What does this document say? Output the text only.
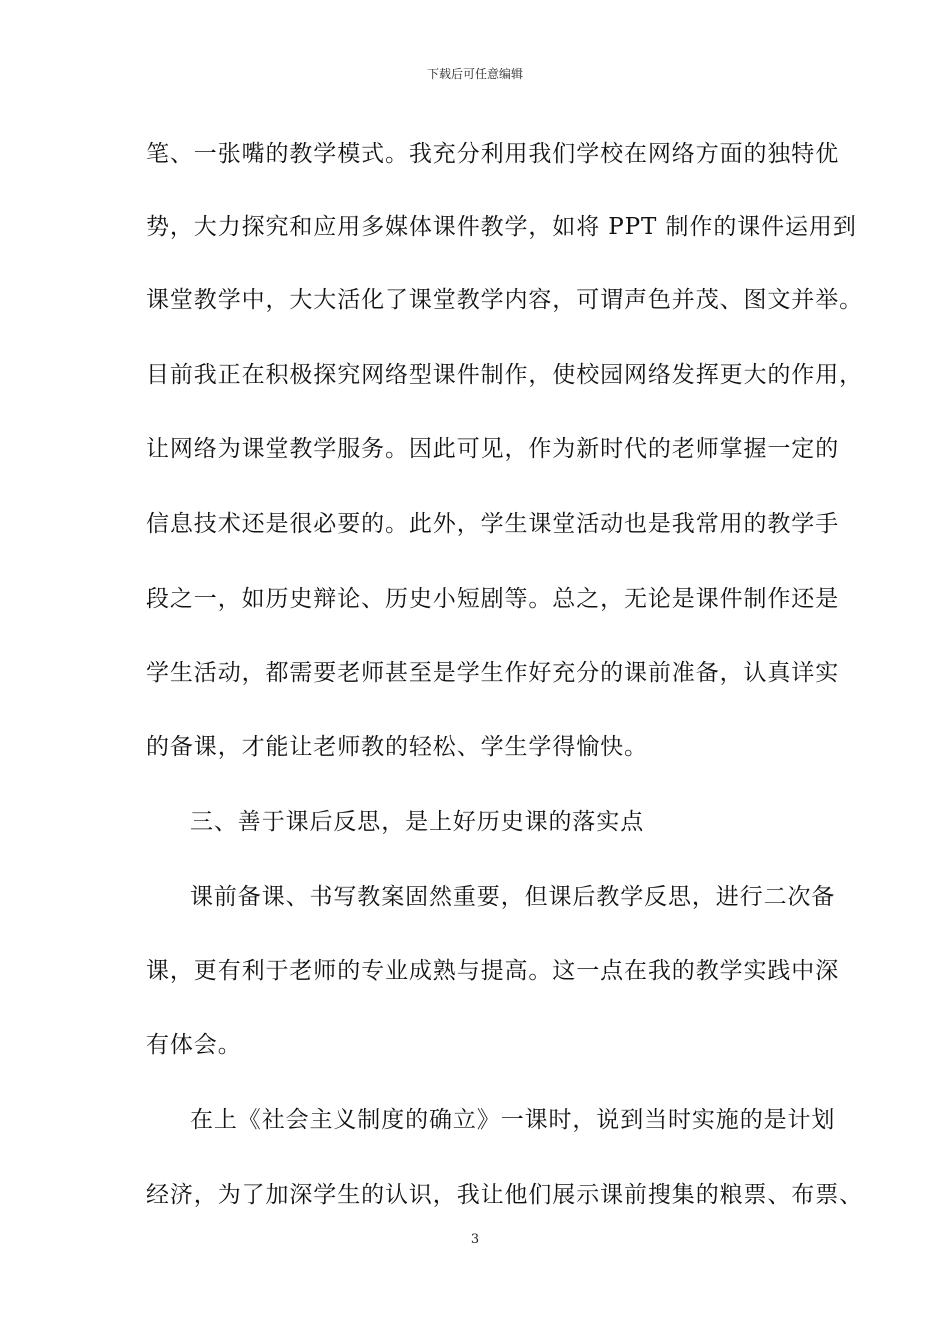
下载后可任意编辑
笔、一张嘴的教学模式。我充分利用我们学校在网络方面的独特优
势，大力探究和应用多媒体课件教学，如将 PPT 制作的课件运用到
课堂教学中，大大活化了课堂教学内容，可谓声色并茂、图文并举。
目前我正在积极探究网络型课件制作，使校园网络发挥更大的作用，
让网络为课堂教学服务。因此可见，作为新时代的老师掌握一定的
信息技术还是很必要的。此外，学生课堂活动也是我常用的教学手
段之一，如历史辩论、历史小短剧等。总之，无论是课件制作还是
学生活动，都需要老师甚至是学生作好充分的课前准备，认真详实
的备课，才能让老师教的轻松、学生学得愉快。
三、善于课后反思，是上好历史课的落实点
课前备课、书写教案固然重要，但课后教学反思，进行二次备
课，更有利于老师的专业成熟与提高。这一点在我的教学实践中深
有体会。
在上《社会主义制度的确立》一课时，说到当时实施的是计划
经济，为了加深学生的认识，我让他们展示课前搜集的粮票、布票、
3
